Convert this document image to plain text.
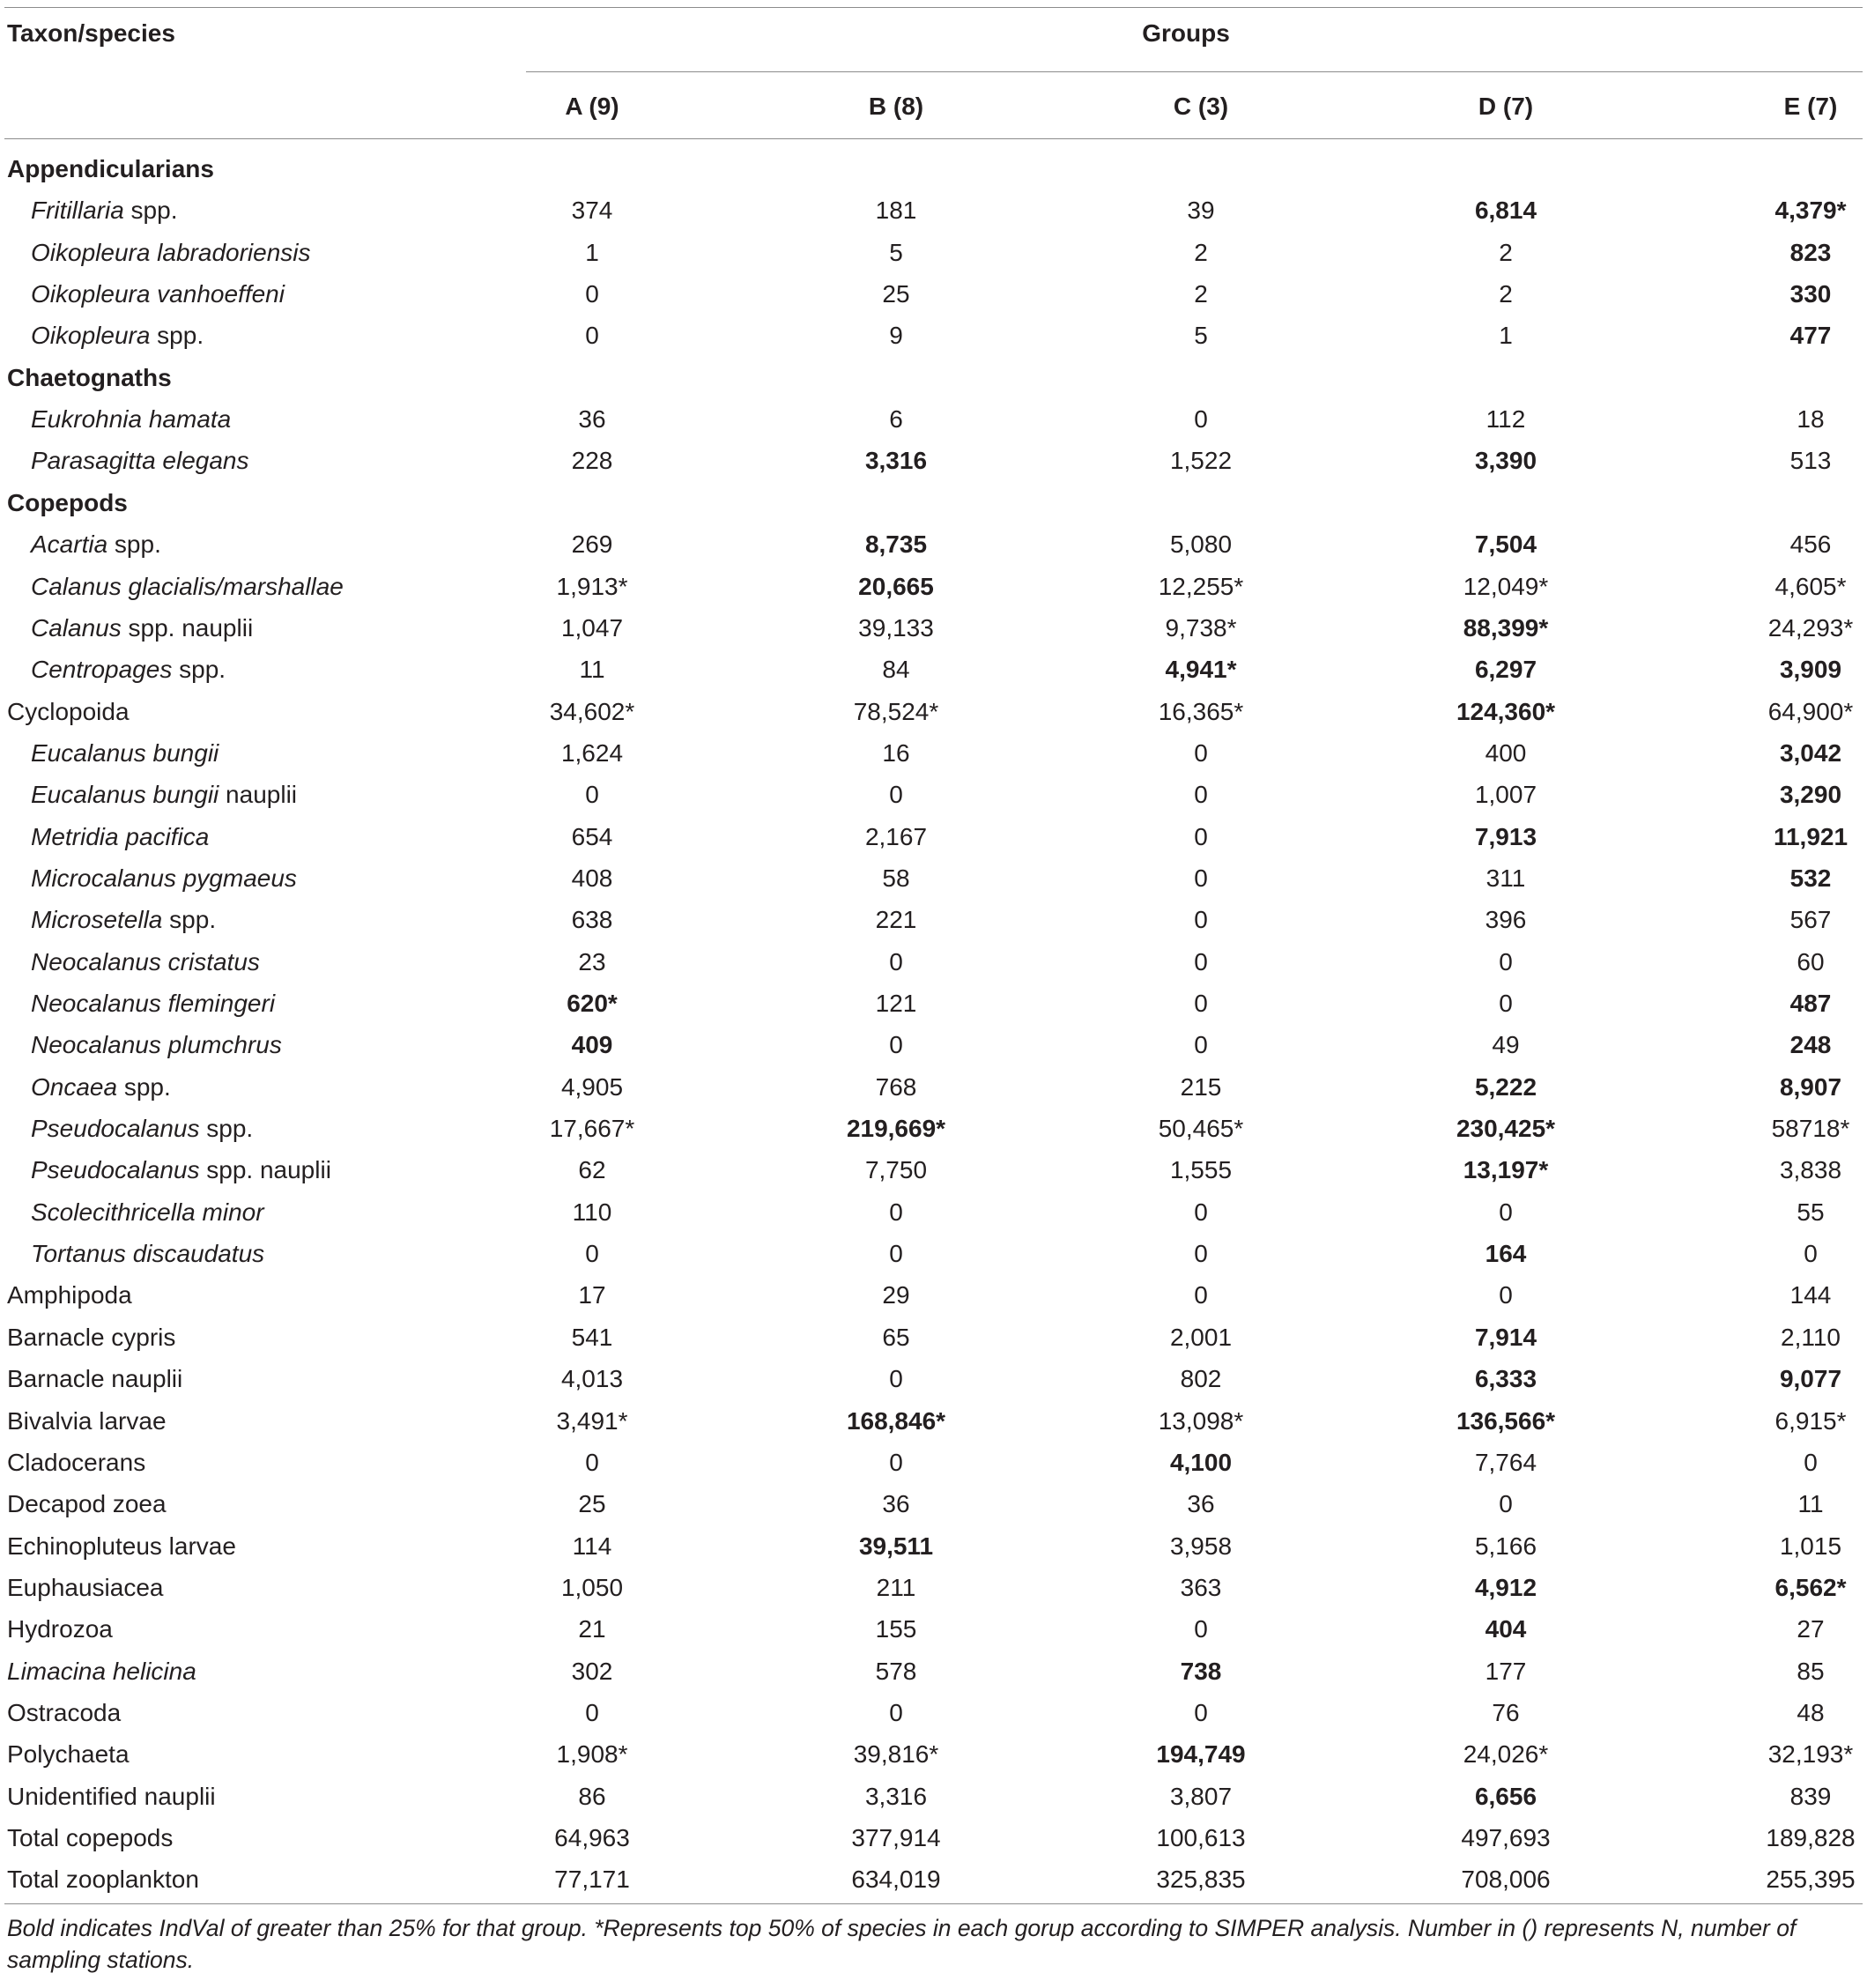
Taxon/species	Groups
A (9)	B (8)	C (3)	D (7)	E (7)
Appendicularians
Fritillaria spp.	374	181	39	6,814	4,379*
Oikopleura labradoriensis	1	5	2	2	823
Oikopleura vanhoeffeni	0	25	2	2	330
Oikopleura spp.	0	9	5	1	477
Chaetognaths
Eukrohnia hamata	36	6	0	112	18
Parasagitta elegans	228	3,316	1,522	3,390	513
Copepods
Acartia spp.	269	8,735	5,080	7,504	456
Calanus glacialis/marshallae	1,913*	20,665	12,255*	12,049*	4,605*
Calanus spp. nauplii	1,047	39,133	9,738*	88,399*	24,293*
Centropages spp.	11	84	4,941*	6,297	3,909
Cyclopoida	34,602*	78,524*	16,365*	124,360*	64,900*
Eucalanus bungii	1,624	16	0	400	3,042
Eucalanus bungii nauplii	0	0	0	1,007	3,290
Metridia pacifica	654	2,167	0	7,913	11,921
Microcalanus pygmaeus	408	58	0	311	532
Microsetella spp.	638	221	0	396	567
Neocalanus cristatus	23	0	0	0	60
Neocalanus flemingeri	620*	121	0	0	487
Neocalanus plumchrus	409	0	0	49	248
Oncaea spp.	4,905	768	215	5,222	8,907
Pseudocalanus spp.	17,667*	219,669*	50,465*	230,425*	58718*
Pseudocalanus spp. nauplii	62	7,750	1,555	13,197*	3,838
Scolecithricella minor	110	0	0	0	55
Tortanus discaudatus	0	0	0	164	0
Amphipoda	17	29	0	0	144
Barnacle cypris	541	65	2,001	7,914	2,110
Barnacle nauplii	4,013	0	802	6,333	9,077
Bivalvia larvae	3,491*	168,846*	13,098*	136,566*	6,915*
Cladocerans	0	0	4,100	7,764	0
Decapod zoea	25	36	36	0	11
Echinopluteus larvae	114	39,511	3,958	5,166	1,015
Euphausiacea	1,050	211	363	4,912	6,562*
Hydrozoa	21	155	0	404	27
Limacina helicina	302	578	738	177	85
Ostracoda	0	0	0	76	48
Polychaeta	1,908*	39,816*	194,749	24,026*	32,193*
Unidentified nauplii	86	3,316	3,807	6,656	839
Total copepods	64,963	377,914	100,613	497,693	189,828
Total zooplankton	77,171	634,019	325,835	708,006	255,395
Bold indicates IndVal of greater than 25% for that group. *Represents top 50% of species in each gorup according to SIMPER analysis. Number in () represents N, number of sampling stations.
